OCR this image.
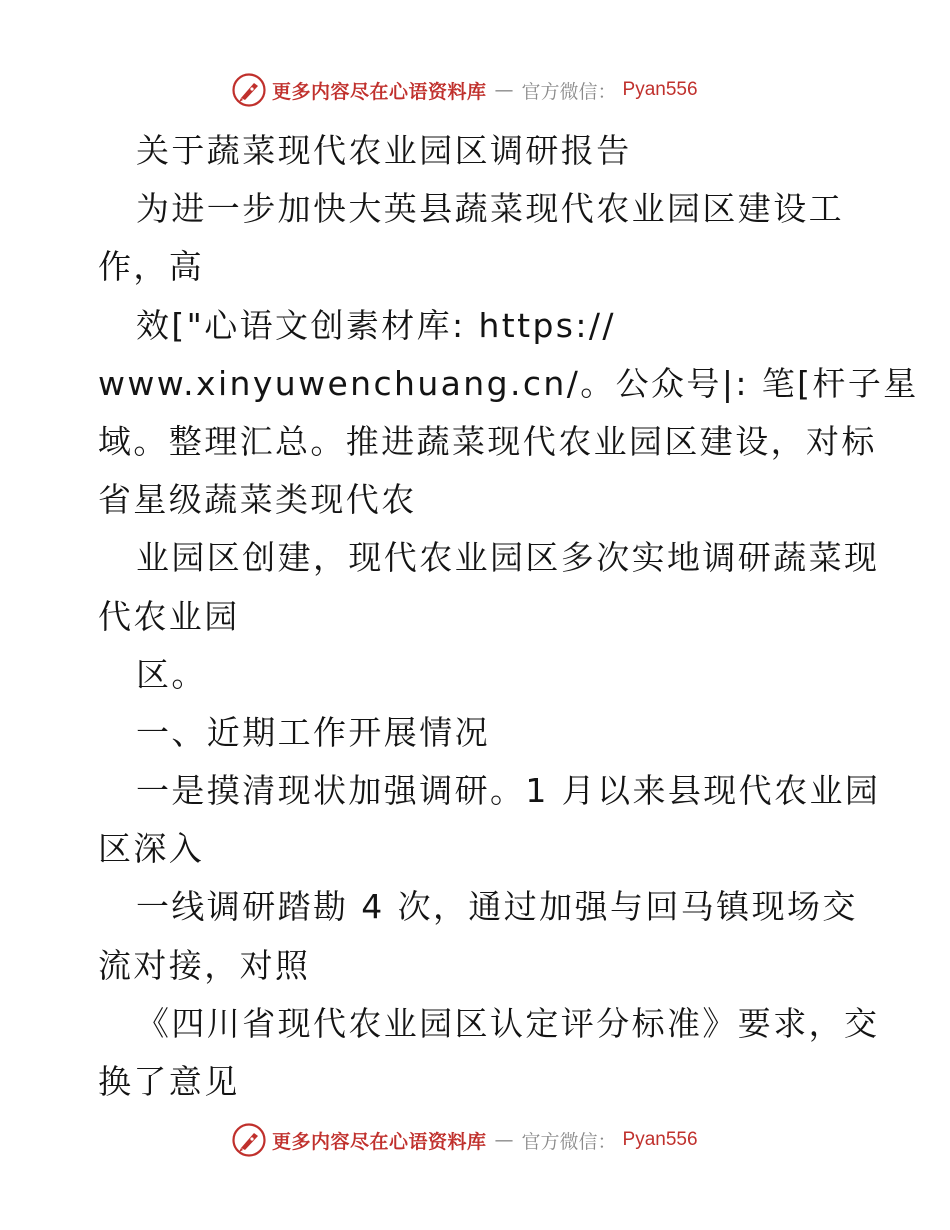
更多内容尽在心语资料库 — 官方微信： Pyan556
关于蔬菜现代农业园区调研报告
为进一步加快大英县蔬菜现代农业园区建设工
作，高
效["心语文创素材库: https://
www.xinyuwenchuang.cn/。公众号|: 笔[杆子星
域。整理汇总。推进蔬菜现代农业园区建设，对标
省星级蔬菜类现代农
业园区创建，现代农业园区多次实地调研蔬菜现
代农业园
区。
一、近期工作开展情况
一是摸清现状加强调研。1 月以来县现代农业园
区深入
一线调研踏勘 4 次，通过加强与回马镇现场交
流对接，对照
《四川省现代农业园区认定评分标准》要求，交
换了意见
更多内容尽在心语资料库 — 官方微信： Pyan556
